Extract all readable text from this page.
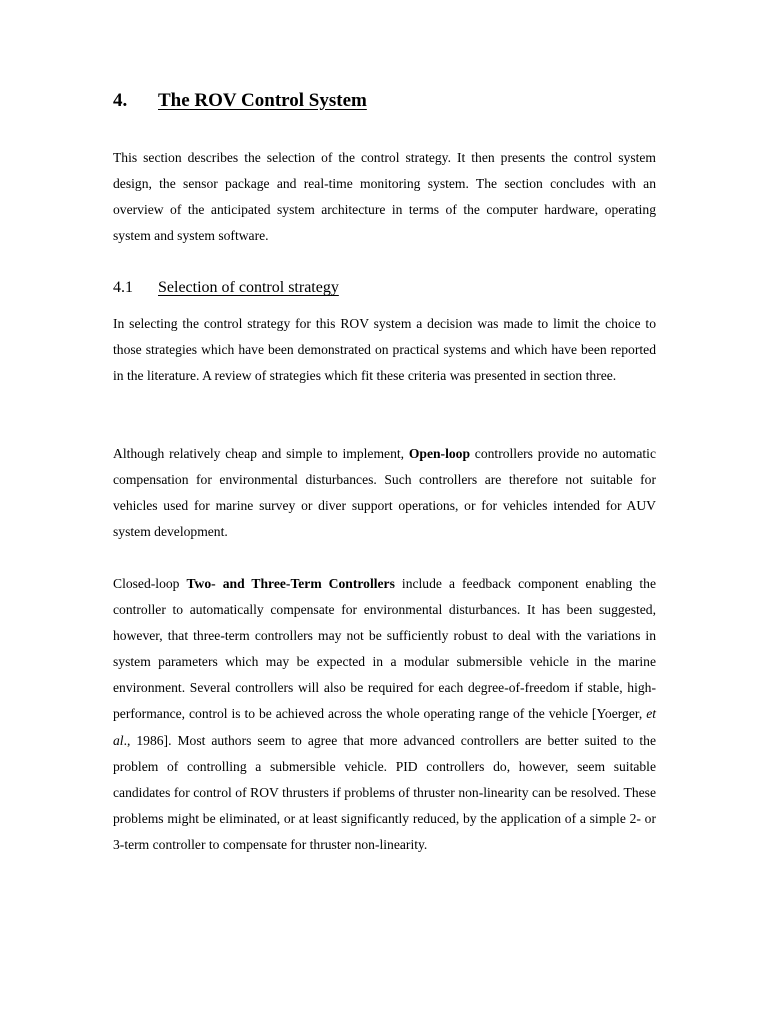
4. The ROV Control System

This section describes the selection of the control strategy. It then presents the control system design, the sensor package and real-time monitoring system. The section concludes with an overview of the anticipated system architecture in terms of the computer hardware, operating system and system software.

4.1 Selection of control strategy

In selecting the control strategy for this ROV system a decision was made to limit the choice to those strategies which have been demonstrated on practical systems and which have been reported in the literature. A review of strategies which fit these criteria was presented in section three.

Although relatively cheap and simple to implement, Open-loop controllers provide no automatic compensation for environmental disturbances. Such controllers are therefore not suitable for vehicles used for marine survey or diver support operations, or for vehicles intended for AUV system development.

Closed-loop Two- and Three-Term Controllers include a feedback component enabling the controller to automatically compensate for environmental disturbances. It has been suggested, however, that three-term controllers may not be sufficiently robust to deal with the variations in system parameters which may be expected in a modular submersible vehicle in the marine environment. Several controllers will also be required for each degree-of-freedom if stable, high-performance, control is to be achieved across the whole operating range of the vehicle [Yoerger, et al., 1986]. Most authors seem to agree that more advanced controllers are better suited to the problem of controlling a submersible vehicle. PID controllers do, however, seem suitable candidates for control of ROV thrusters if problems of thruster non-linearity can be resolved. These problems might be eliminated, or at least significantly reduced, by the application of a simple 2- or 3-term controller to compensate for thruster non-linearity.
